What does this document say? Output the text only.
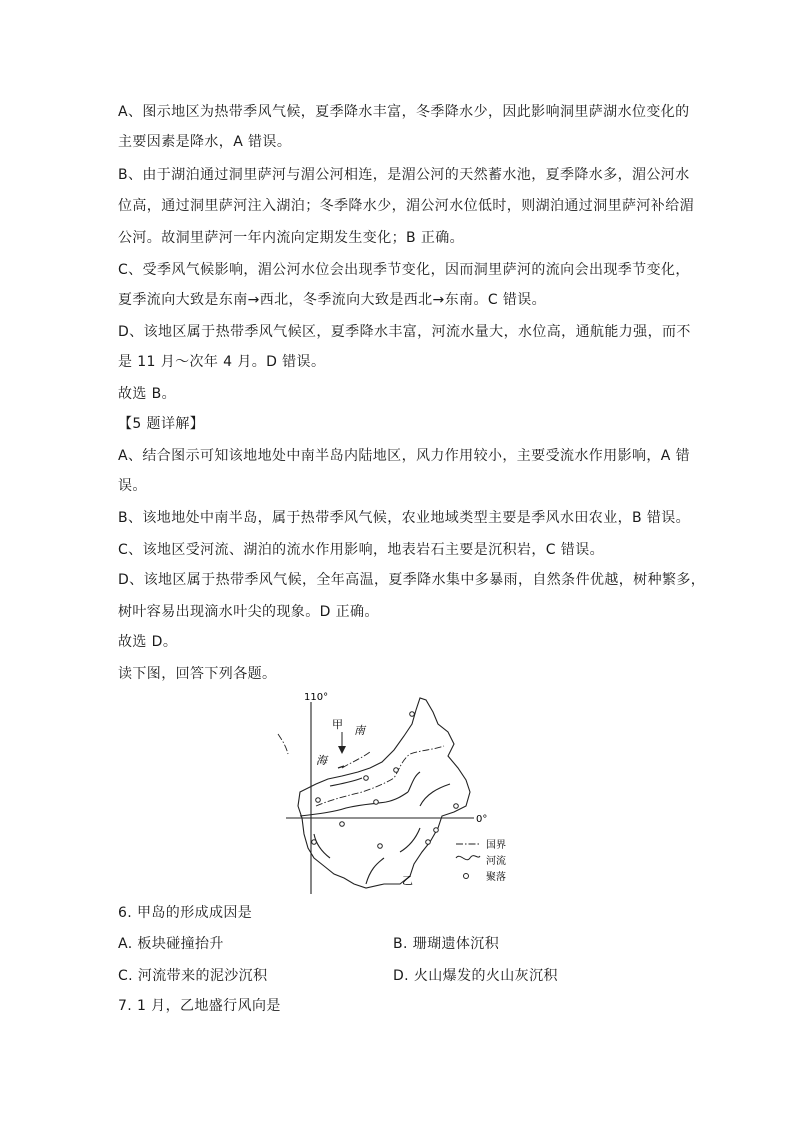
A、图示地区为热带季风气候，夏季降水丰富，冬季降水少，因此影响洞里萨湖水位变化的
主要因素是降水，A 错误。
B、由于湖泊通过洞里萨河与湄公河相连，是湄公河的天然蓄水池，夏季降水多，湄公河水
位高，通过洞里萨河注入湖泊；冬季降水少，湄公河水位低时，则湖泊通过洞里萨河补给湄
公河。故洞里萨河一年内流向定期发生变化；B 正确。
C、受季风气候影响，湄公河水位会出现季节变化，因而洞里萨河的流向会出现季节变化，
夏季流向大致是东南→西北，冬季流向大致是西北→东南。C 错误。
D、该地区属于热带季风气候区，夏季降水丰富，河流水量大，水位高，通航能力强，而不
是 11 月～次年 4 月。D 错误。
故选 B。
【5 题详解】
A、结合图示可知该地地处中南半岛内陆地区，风力作用较小，主要受流水作用影响，A 错
误。
B、该地地处中南半岛，属于热带季风气候，农业地域类型主要是季风水田农业，B 错误。
C、该地区受河流、湖泊的流水作用影响，地表岩石主要是沉积岩，C 错误。
D、该地区属于热带季风气候，全年高温，夏季降水集中多暴雨，自然条件优越，树种繁多，
树叶容易出现滴水叶尖的现象。D 正确。
故选 D。
读下图，回答下列各题。
110°
0°
甲 南
海
乙
国界
河流
聚落
6. 甲岛的形成成因是
A. 板块碰撞抬升	B. 珊瑚遗体沉积
C. 河流带来的泥沙沉积	D. 火山爆发的火山灰沉积
7. 1 月，乙地盛行风向是
